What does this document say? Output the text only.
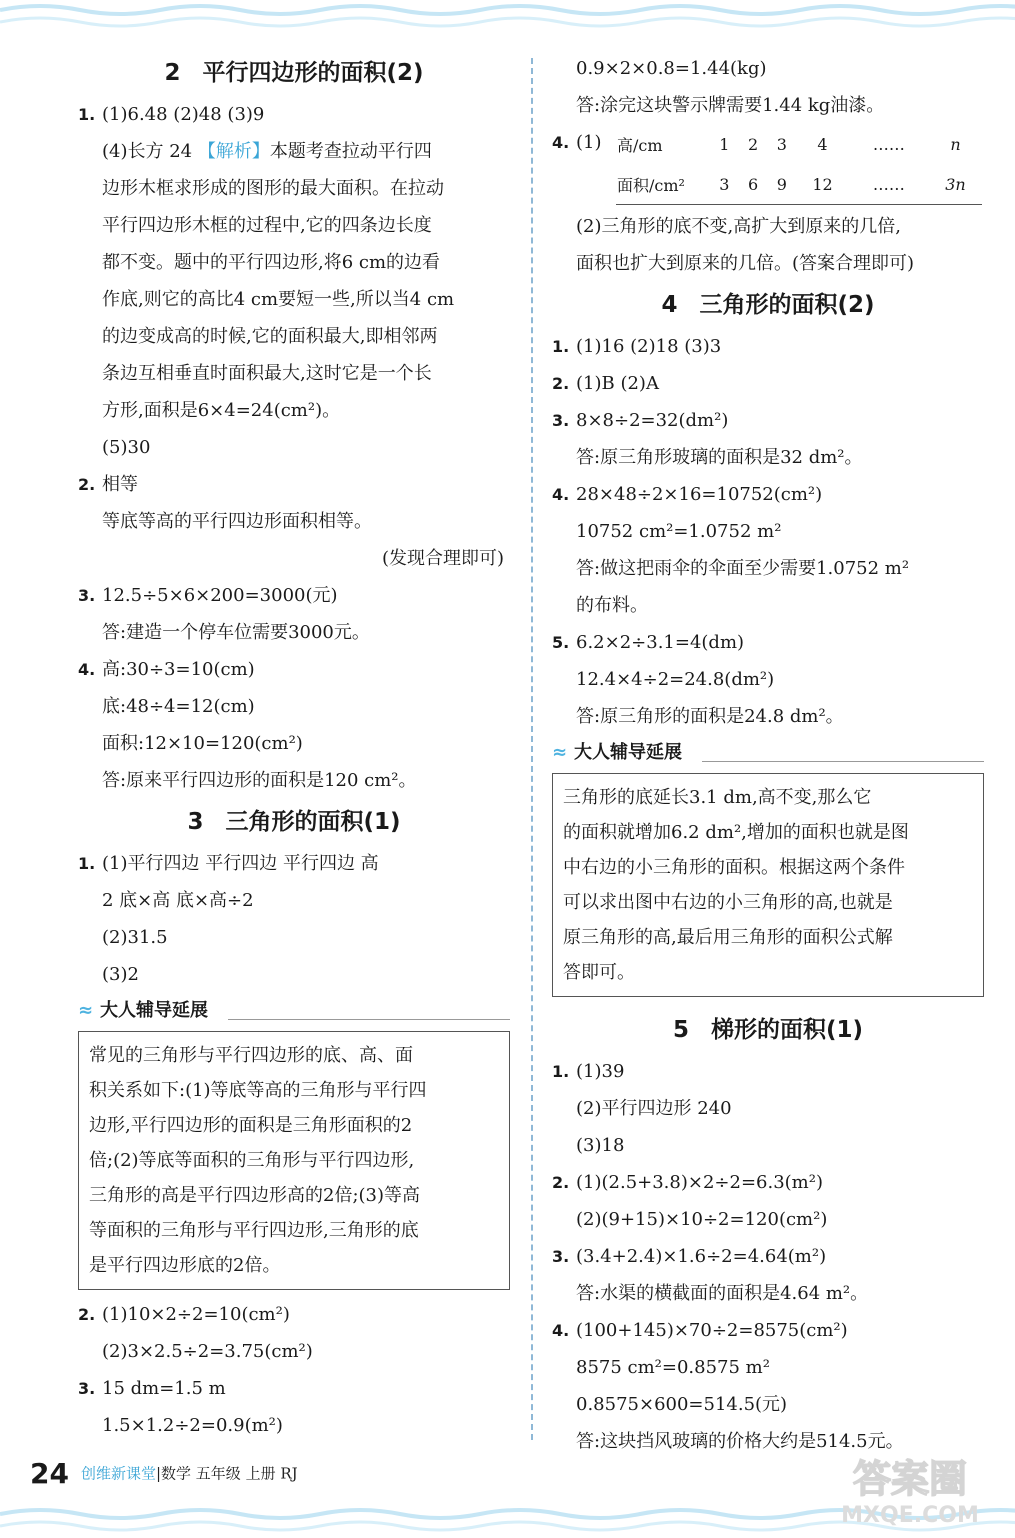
2 平行四边形的面积(2)
1. (1)6.48 (2)48 (3)9
(4)长方 24 【解析】本题考查拉动平行四
边形木框求形成的图形的最大面积。在拉动
平行四边形木框的过程中,它的四条边长度
都不变。题中的平行四边形,将6 cm的边看
作底,则它的高比4 cm要短一些,所以当4 cm
的边变成高的时候,它的面积最大,即相邻两
条边互相垂直时面积最大,这时它是一个长
方形,面积是6×4=24(cm²)。
(5)30
2. 相等
等底等高的平行四边形面积相等。
(发现合理即可)
3. 12.5÷5×6×200=3000(元)
答:建造一个停车位需要3000元。
4. 高:30÷3=10(cm)
底:48÷4=12(cm)
面积:12×10=120(cm²)
答:原来平行四边形的面积是120 cm²。
3 三角形的面积(1)
1. (1)平行四边 平行四边 平行四边 高
2 底×高 底×高÷2
(2)31.5
(3)2
≈ 大人辅导延展
常见的三角形与平行四边形的底、高、面
积关系如下:(1)等底等高的三角形与平行四
边形,平行四边形的面积是三角形面积的2
倍;(2)等底等面积的三角形与平行四边形,
三角形的高是平行四边形高的2倍;(3)等高
等面积的三角形与平行四边形,三角形的底
是平行四边形底的2倍。
2. (1)10×2÷2=10(cm²)
(2)3×2.5÷2=3.75(cm²)
3. 15 dm=1.5 m
1.5×1.2÷2=0.9(m²)
0.9×2×0.8=1.44(kg)
答:涂完这块警示牌需要1.44 kg油漆。
4. (1) 高/cm	1	2	3	4	……	n
面积/cm²	3	6	9	12	……	3n
(2)三角形的底不变,高扩大到原来的几倍,
面积也扩大到原来的几倍。(答案合理即可)
4 三角形的面积(2)
1. (1)16 (2)18 (3)3
2. (1)B (2)A
3. 8×8÷2=32(dm²)
答:原三角形玻璃的面积是32 dm²。
4. 28×48÷2×16=10752(cm²)
10752 cm²=1.0752 m²
答:做这把雨伞的伞面至少需要1.0752 m²
的布料。
5. 6.2×2÷3.1=4(dm)
12.4×4÷2=24.8(dm²)
答:原三角形的面积是24.8 dm²。
≈ 大人辅导延展
三角形的底延长3.1 dm,高不变,那么它
的面积就增加6.2 dm²,增加的面积也就是图
中右边的小三角形的面积。根据这两个条件
可以求出图中右边的小三角形的高,也就是
原三角形的高,最后用三角形的面积公式解
答即可。
5 梯形的面积(1)
1. (1)39
(2)平行四边形 240
(3)18
2. (1)(2.5+3.8)×2÷2=6.3(m²)
(2)(9+15)×10÷2=120(cm²)
3. (3.4+2.4)×1.6÷2=4.64(m²)
答:水渠的横截面的面积是4.64 m²。
4. (100+145)×70÷2=8575(cm²)
8575 cm²=0.8575 m²
0.8575×600=514.5(元)
答:这块挡风玻璃的价格大约是514.5元。
24 创维新课堂|数学 五年级 上册 RJ	答案圈
MXQE.COM
